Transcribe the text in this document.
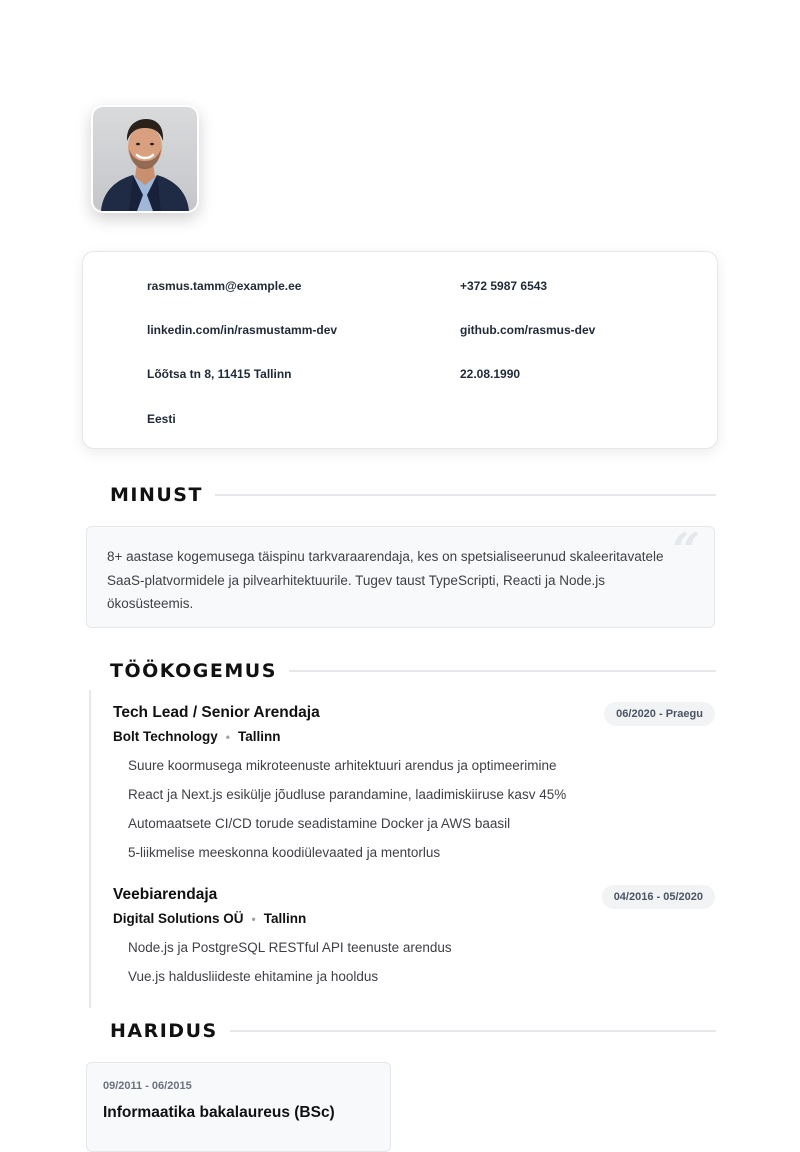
rasmus.tamm@example.ee	+372 5987 6543
linkedin.com/in/rasmustamm-dev	github.com/rasmus-dev
Lõõtsa tn 8, 11415 Tallinn	22.08.1990
Eesti
MINUST
“
8+ aastase kogemusega täispinu tarkvaraarendaja, kes on spetsialiseerunud skaleeritavatele SaaS-platvormidele ja pilvearhitektuurile. Tugev taust TypeScripti, Reacti ja Node.js ökosüsteemis.
TÖÖKOGEMUS
Tech Lead / Senior Arendaja	06/2020 - Praegu
Bolt Technology • Tallinn
Suure koormusega mikroteenuste arhitektuuri arendus ja optimeerimine
React ja Next.js esikülje jõudluse parandamine, laadimiskiiruse kasv 45%
Automaatsete CI/CD torude seadistamine Docker ja AWS baasil
5-liikmelise meeskonna koodiülevaated ja mentorlus
Veebiarendaja	04/2016 - 05/2020
Digital Solutions OÜ • Tallinn
Node.js ja PostgreSQL RESTful API teenuste arendus
Vue.js haldusliidestе ehitamine ja hooldus
HARIDUS
09/2011 - 06/2015
Informaatika bakalaureus (BSc)
